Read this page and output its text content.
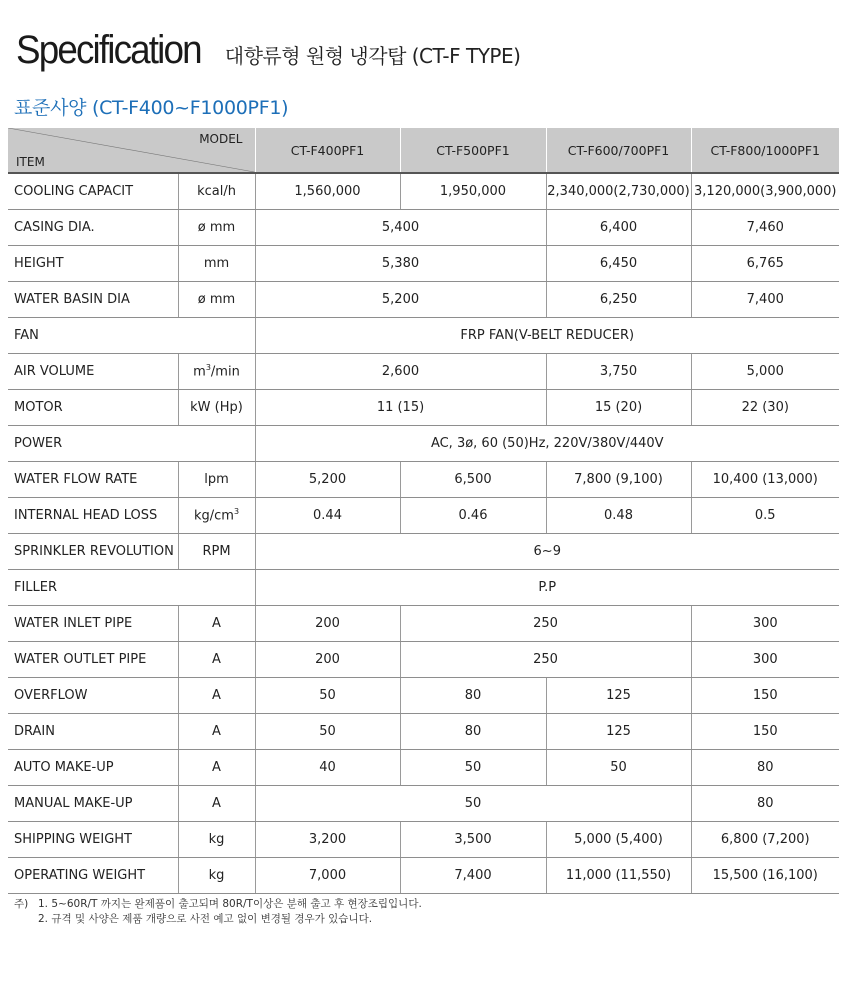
Specification 대향류형 원형 냉각탑 (CT-F TYPE)
표준사양 (CT-F400~F1000PF1)
MODEL
ITEM		CT-F400PF1	CT-F500PF1	CT-F600/700PF1	CT-F800/1000PF1
COOLING CAPACIT	kcal/h	1,560,000	1,950,000	2,340,000(2,730,000)	3,120,000(3,900,000)
CASING DIA.	ø mm	5,400		6,400	7,460
HEIGHT	mm	5,380		6,450	6,765
WATER BASIN DIA	ø mm	5,200		6,250	7,400
FAN		FRP FAN(V-BELT REDUCER)			
AIR VOLUME	$m^3/\min$	2,600		3,750	5,000
MOTOR	kW (Hp)	11 (15)		15 (20)	22 (30)
POWER		AC, 3ø, 60 (50)Hz, 220V/380V/440V			
WATER FLOW RATE	lpm	5,200	6,500	7,800 (9,100)	10,400 (13,000)
INTERNAL HEAD LOSS	$kg/cm^3$	0.44	0.46	0.48	0.5
SPRINKLER REVOLUTION	RPM	6~9			
FILLER		P.P			
WATER INLET PIPE	A	200	250		300
WATER OUTLET PIPE	A	200	250		300
OVERFLOW	A	50	80	125	150
DRAIN	A	50	80	125	150
AUTO MAKE-UP	A	40	50	50	80
MANUAL MAKE-UP	A	50			80
SHIPPING WEIGHT	kg	3,200	3,500	5,000 (5,400)	6,800 (7,200)
OPERATING WEIGHT	kg	7,000	7,400	11,000 (11,550)	15,500 (16,100)
주) 1. 5~60R/T 까지는 완제품이 출고되며 80R/T이상은 분해 출고 후 현장조립입니다.
2. 규격 및 사양은 제품 개량으로 사전 예고 없이 변경될 경우가 있습니다.
